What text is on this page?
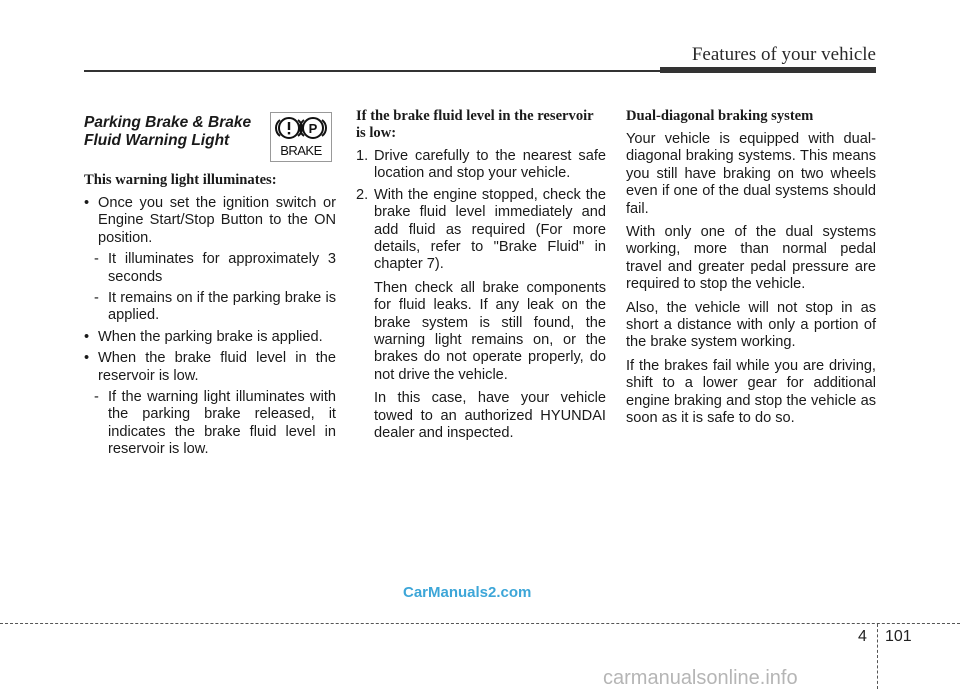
Features of your vehicle
P
BRAKE
Parking Brake & Brake Fluid Warning Light
This warning light illuminates:
• Once you set the ignition switch or Engine Start/Stop Button to the ON position.
- It illuminates for approximately 3 seconds
- It remains on if the parking brake is applied.
• When the parking brake is applied.
• When the brake fluid level in the reservoir is low.
- If the warning light illuminates with the parking brake released, it indicates the brake fluid level in reservoir is low.
If the brake fluid level in the reservoir is low:
1. Drive carefully to the nearest safe location and stop your vehicle.
2. With the engine stopped, check the brake fluid level immediately and add fluid as required (For more details, refer to "Brake Fluid" in chapter 7).

Then check all brake components for fluid leaks. If any leak on the brake system is still found, the warning light remains on, or the brakes do not operate properly, do not drive the vehicle.

In this case, have your vehicle towed to an authorized HYUNDAI dealer and inspected.

Dual-diagonal braking system

Your vehicle is equipped with dual-diagonal braking systems. This means you still have braking on two wheels even if one of the dual systems should fail.

With only one of the dual systems working, more than normal pedal travel and greater pedal pressure are required to stop the vehicle.

Also, the vehicle will not stop in as short a distance with only a portion of the brake system working.

If the brakes fail while you are driving, shift to a lower gear for additional engine braking and stop the vehicle as soon as it is safe to do so.

CarManuals2.com
4 101
carmanualsonline.info
